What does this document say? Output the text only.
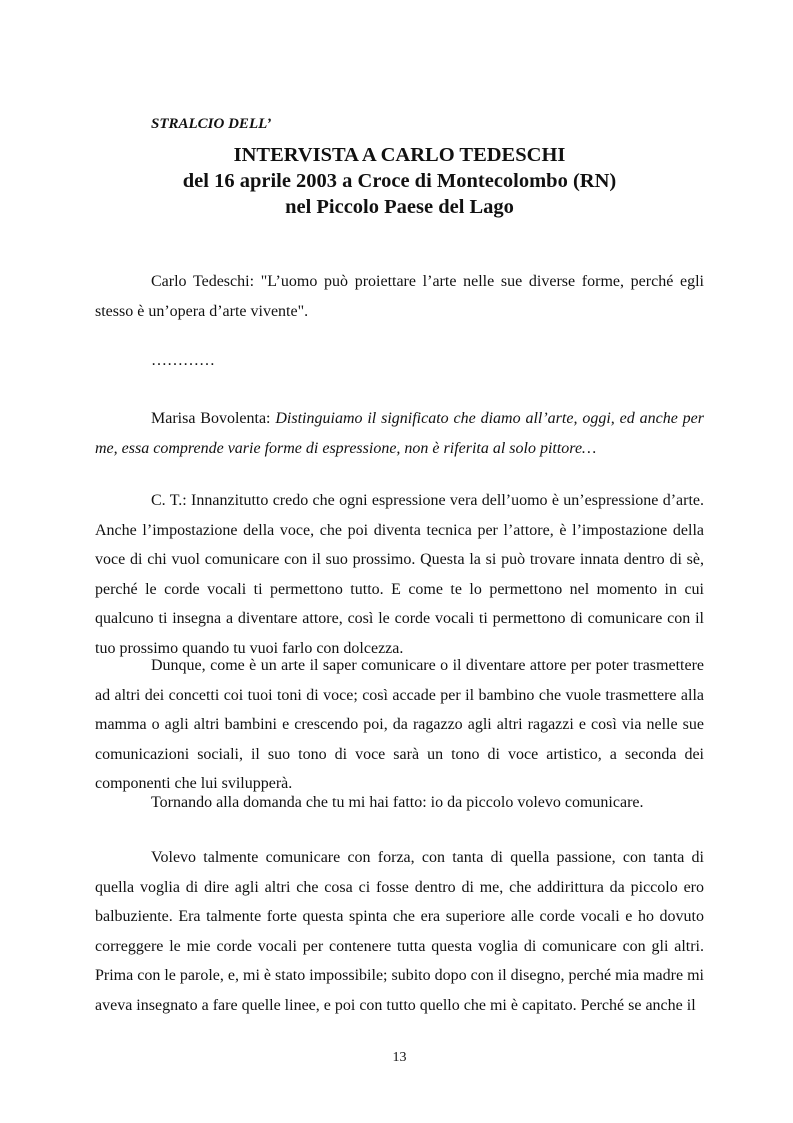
STRALCIO DELL’

INTERVISTA A CARLO TEDESCHI
del 16 aprile 2003 a Croce di Montecolombo (RN)
nel Piccolo Paese del Lago

Carlo Tedeschi: "L’uomo può proiettare l’arte nelle sue diverse forme, perché egli stesso è un’opera d’arte vivente".

…………

Marisa Bovolenta: Distinguiamo il significato che diamo all’arte, oggi, ed anche per me, essa comprende varie forme di espressione, non è riferita al solo pittore…

C. T.: Innanzitutto credo che ogni espressione vera dell’uomo è un’espressione d’arte. Anche l’impostazione della voce, che poi diventa tecnica per l’attore, è l’impostazione della voce di chi vuol comunicare con il suo prossimo. Questa la si può trovare innata dentro di sè, perché le corde vocali ti permettono tutto. E come te lo permettono nel momento in cui qualcuno ti insegna a diventare attore, così le corde vocali ti permettono di comunicare con il tuo prossimo quando tu vuoi farlo con dolcezza.

Dunque, come è un arte il saper comunicare o il diventare attore per poter trasmettere ad altri dei concetti coi tuoi toni di voce; così accade per il bambino che vuole trasmettere alla mamma o agli altri bambini e crescendo poi, da ragazzo agli altri ragazzi e così via nelle sue comunicazioni sociali, il suo tono di voce sarà un tono di voce artistico, a seconda dei componenti che lui svilupperà.

Tornando alla domanda che tu mi hai fatto: io da piccolo volevo comunicare.

Volevo talmente comunicare con forza, con tanta di quella passione, con tanta di quella voglia di dire agli altri che cosa ci fosse dentro di me, che addirittura da piccolo ero balbuziente. Era talmente forte questa spinta che era superiore alle corde vocali e ho dovuto correggere le mie corde vocali per contenere tutta questa voglia di comunicare con gli altri. Prima con le parole, e, mi è stato impossibile; subito dopo con il disegno, perché mia madre mi aveva insegnato a fare quelle linee, e poi con tutto quello che mi è capitato. Perché se anche il

13
